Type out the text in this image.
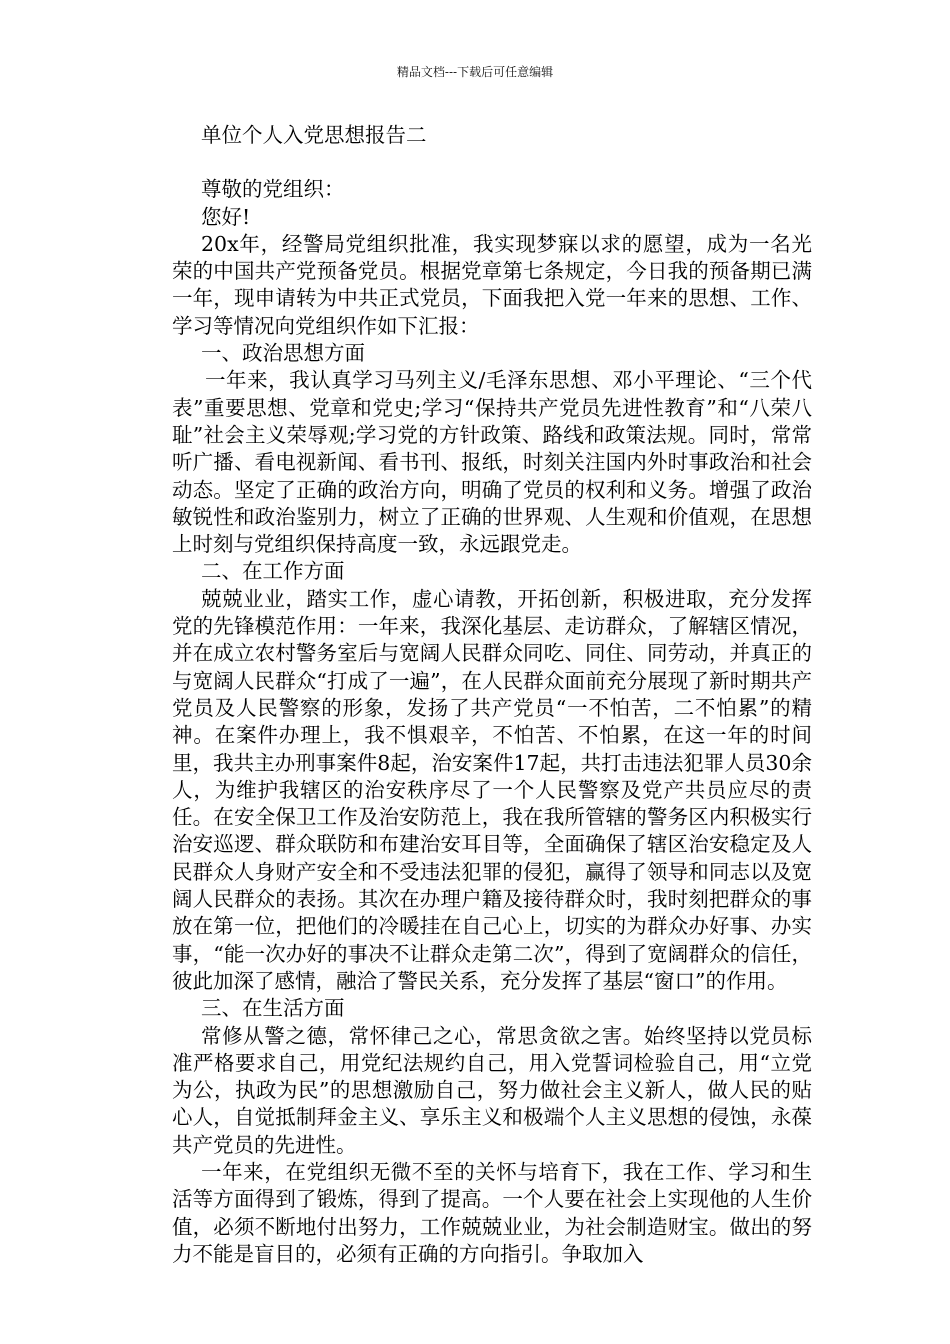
精品文档---下载后可任意编辑

单位个人入党思想报告二

尊敬的党组织：

您好!

20x年，经警局党组织批准，我实现梦寐以求的愿望，成为一名光荣的中国共产党预备党员。根据党章第七条规定，今日我的预备期已满一年，现申请转为中共正式党员，下面我把入党一年来的思想、工作、学习等情况向党组织作如下汇报：

一、政治思想方面

一年来，我认真学习马列主义/毛泽东思想、邓小平理论、“三个代表”重要思想、党章和党史;学习“保持共产党员先进性教育”和“八荣八耻”社会主义荣辱观;学习党的方针政策、路线和政策法规。同时，常常听广播、看电视新闻、看书刊、报纸，时刻关注国内外时事政治和社会动态。坚定了正确的政治方向，明确了党员的权利和义务。增强了政治敏锐性和政治鉴别力，树立了正确的世界观、人生观和价值观，在思想上时刻与党组织保持高度一致，永远跟党走。

二、在工作方面

兢兢业业，踏实工作，虚心请教，开拓创新，积极进取，充分发挥党的先锋模范作用：一年来，我深化基层、走访群众，了解辖区情况，并在成立农村警务室后与宽阔人民群众同吃、同住、同劳动，并真正的与宽阔人民群众“打成了一遍”，在人民群众面前充分展现了新时期共产党员及人民警察的形象，发扬了共产党员“一不怕苦，二不怕累”的精神。在案件办理上，我不惧艰辛，不怕苦、不怕累，在这一年的时间里，我共主办刑事案件8起，治安案件17起，共打击违法犯罪人员30余人，为维护我辖区的治安秩序尽了一个人民警察及党产共员应尽的责任。在安全保卫工作及治安防范上，我在我所管辖的警务区内积极实行治安巡逻、群众联防和布建治安耳目等，全面确保了辖区治安稳定及人民群众人身财产安全和不受违法犯罪的侵犯，赢得了领导和同志以及宽阔人民群众的表扬。其次在办理户籍及接待群众时，我时刻把群众的事放在第一位，把他们的冷暖挂在自己心上，切实的为群众办好事、办实事，“能一次办好的事决不让群众走第二次”，得到了宽阔群众的信任，彼此加深了感情，融洽了警民关系，充分发挥了基层“窗口”的作用。

三、在生活方面

常修从警之德，常怀律己之心，常思贪欲之害。始终坚持以党员标准严格要求自己，用党纪法规约自己，用入党誓词检验自己，用“立党为公，执政为民”的思想激励自己，努力做社会主义新人，做人民的贴心人，自觉抵制拜金主义、享乐主义和极端个人主义思想的侵蚀，永葆共产党员的先进性。

一年来，在党组织无微不至的关怀与培育下，我在工作、学习和生活等方面得到了锻炼，得到了提高。一个人要在社会上实现他的人生价值，必须不断地付出努力，工作兢兢业业，为社会制造财宝。做出的努力不能是盲目的，必须有正确的方向指引。争取加入
